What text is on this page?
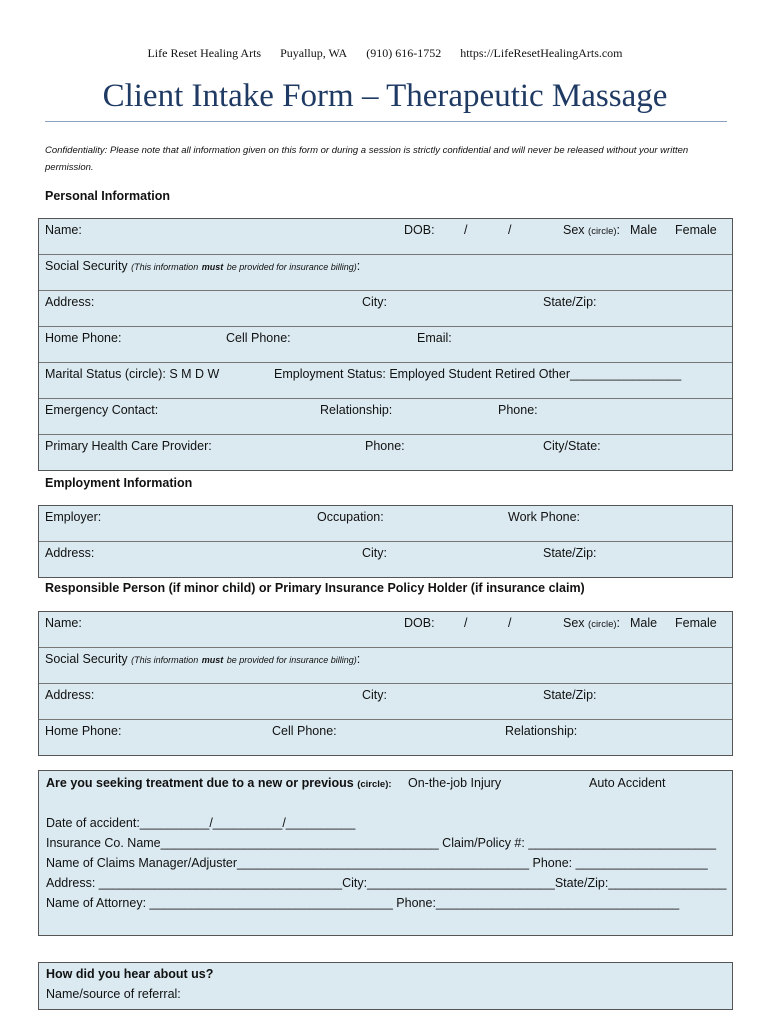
Life Reset Healing Arts Puyallup, WA (910) 616-1752 https://LifeResetHealingArts.com
Client Intake Form – Therapeutic Massage
Confidentiality: Please note that all information given on this form or during a session is strictly confidential and will never be released without your written permission.
Personal Information
Name:	DOB: /	/	Sex (circle): Male Female
Social Security (This information must be provided for insurance billing):
Address:	City:	State/Zip:
Home Phone:	Cell Phone:	Email:
Marital Status (circle): S M D W	Employment Status: Employed Student Retired Other________________
Emergency Contact:	Relationship:	Phone:
Primary Health Care Provider:	Phone:	City/State:
Employment Information
Employer:	Occupation:	Work Phone:
Address:	City:	State/Zip:
Responsible Person (if minor child) or Primary Insurance Policy Holder (if insurance claim)
Name:	DOB: /	/	Sex (circle): Male Female
Social Security (This information must be provided for insurance billing):
Address:	City:	State/Zip:
Home Phone:	Cell Phone:	Relationship:
Are you seeking treatment due to a new or previous (circle): On-the-job Injury	Auto Accident
Date of accident:__________/__________/__________
Insurance Co. Name________________________________________ Claim/Policy #: ___________________________
Name of Claims Manager/Adjuster__________________________________________ Phone: ___________________
Address: ___________________________________City:___________________________State/Zip:_________________
Name of Attorney: ___________________________________ Phone:___________________________________
How did you hear about us?
Name/source of referral:
